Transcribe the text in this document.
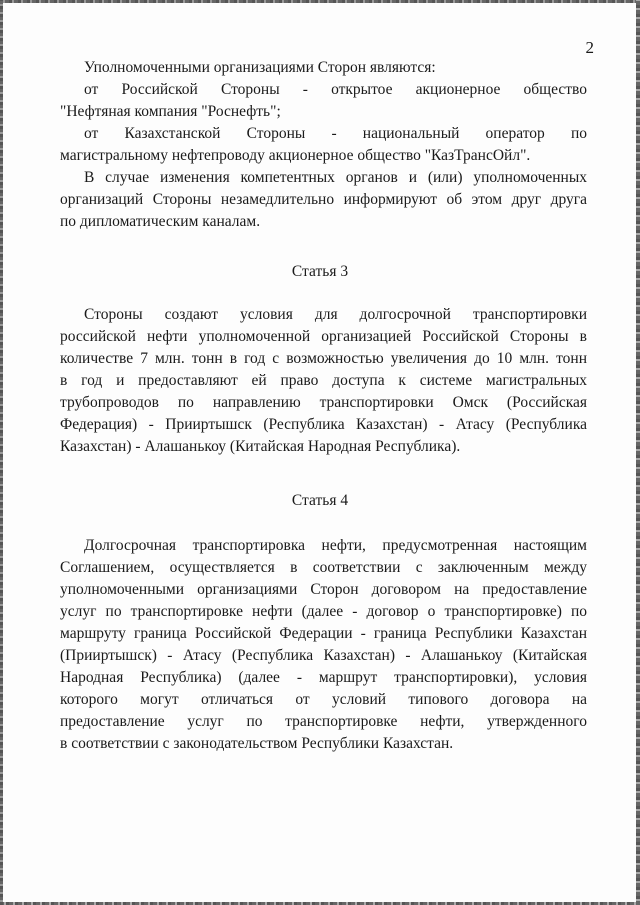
2

Уполномоченными организациями Сторон являются:

от Российской Стороны - открытое акционерное общество

"Нефтяная компания "Роснефть";

от Казахстанской Стороны - национальный оператор по

магистральному нефтепроводу акционерное общество "КазТрансОйл".

В случае изменения компетентных органов и (или) уполномоченных

организаций Стороны незамедлительно информируют об этом друг друга

по дипломатическим каналам.

Статья 3

Стороны создают условия для долгосрочной транспортировки

российской нефти уполномоченной организацией Российской Стороны в

количестве 7 млн. тонн в год с возможностью увеличения до 10 млн. тонн

в год и предоставляют ей право доступа к системе магистральных

трубопроводов по направлению транспортировки Омск (Российская

Федерация) - Прииртышск (Республика Казахстан) - Атасу (Республика

Казахстан) - Алашанькоу (Китайская Народная Республика).

Статья 4

Долгосрочная транспортировка нефти, предусмотренная настоящим

Соглашением, осуществляется в соответствии с заключенным между

уполномоченными организациями Сторон договором на предоставление

услуг по транспортировке нефти (далее - договор о транспортировке) по

маршруту граница Российской Федерации - граница Республики Казахстан

(Прииртышск) - Атасу (Республика Казахстан) - Алашанькоу (Китайская

Народная Республика) (далее - маршрут транспортировки), условия

которого могут отличаться от условий типового договора на

предоставление услуг по транспортировке нефти, утвержденного

в соответствии с законодательством Республики Казахстан.
